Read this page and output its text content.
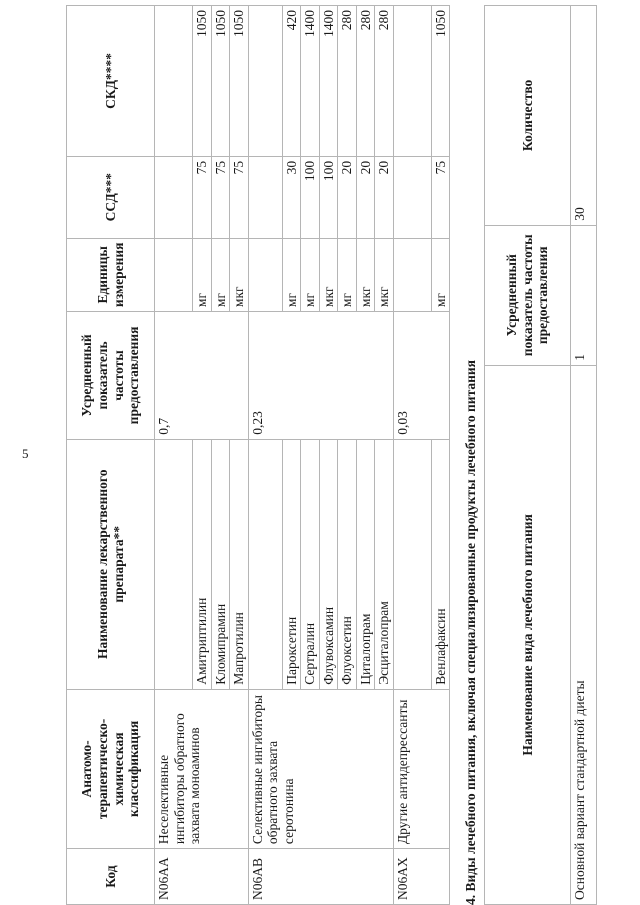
5
Код	Анатомо-терапевтическо-химическая классификация	Наименование лекарственного препарата**	Усредненный показатель частоты предоставления	Единицы измерения	ССД***	СКД****
N06AA	Неселективные ингибиторы обратного захвата моноаминов		0,7			
		Амитриптилин		мг	75	1050
		Кломипрамин		мг	75	1050
		Мапротилин		мкг	75	1050
N06AB	Селективные ингибиторы обратного захвата серотонина		0,23			
		Пароксетин		мг	30	420
		Сертралин		мг	100	1400
		Флувоксамин		мкг	100	1400
		Флуоксетин		мг	20	280
		Циталопрам		мкг	20	280
		Эсциталопрам		мкг	20	280
N06AX	Другие антидепрессанты		0,03			
		Венлафаксин		мг	75	1050
4. Виды лечебного питания, включая специализированные продукты лечебного питания	Наименование вида лечебного питания	Усредненный показатель частоты предоставления	Количество
Основной вариант стандартной диеты	1	30
